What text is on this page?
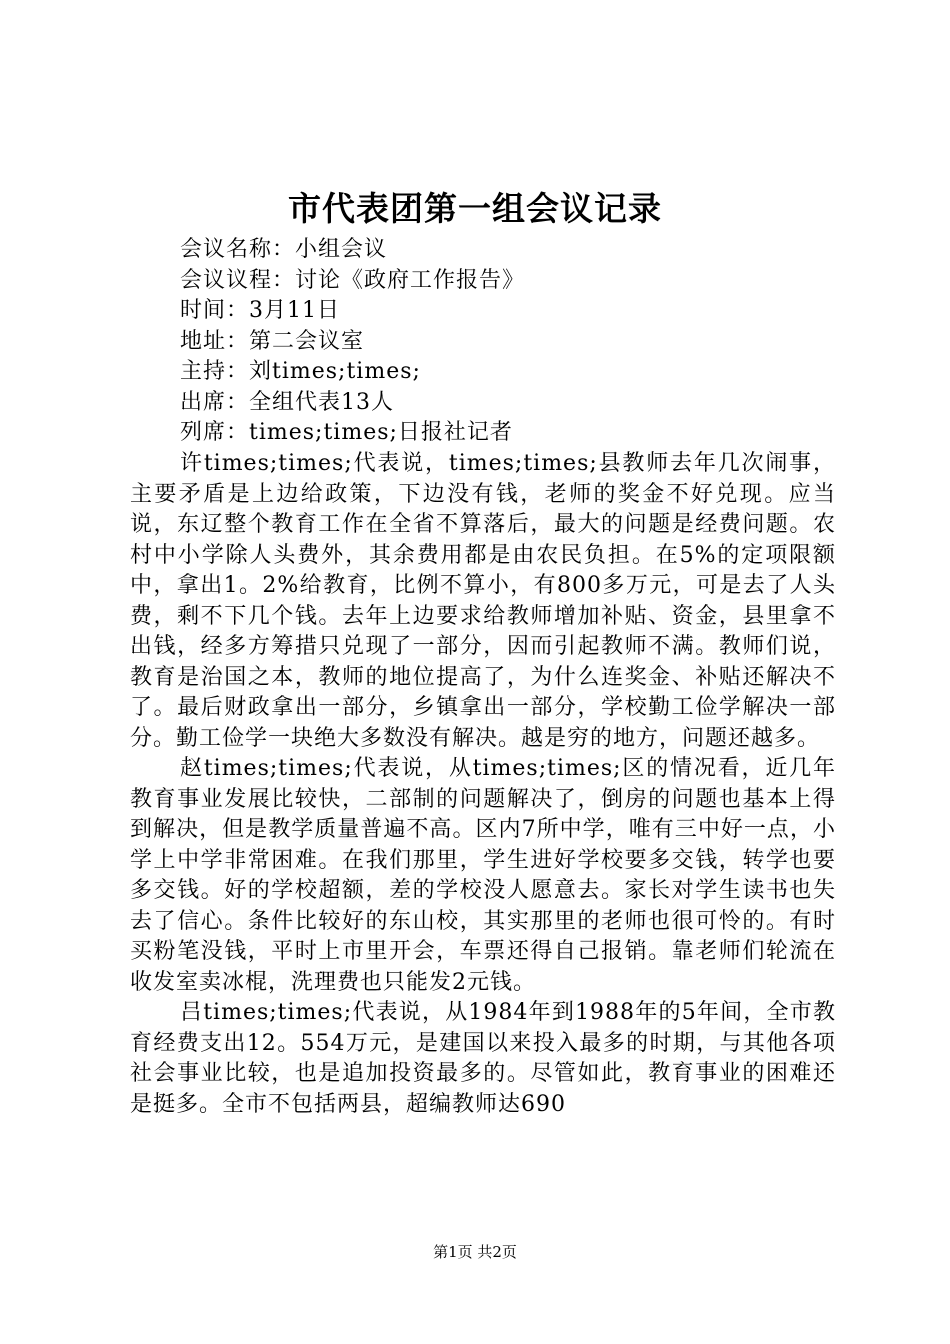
市代表团第一组会议记录
会议名称：小组会议
会议议程：讨论《政府工作报告》
时间：3月11日
地址：第二会议室
主持：刘times;times;
出席：全组代表13人
列席：times;times;日报社记者

许times;times;代表说，times;times;县教师去年几次闹事，主要矛盾是上边给政策，下边没有钱，老师的奖金不好兑现。应当说，东辽整个教育工作在全省不算落后，最大的问题是经费问题。农村中小学除人头费外，其余费用都是由农民负担。在5%的定项限额中，拿出1。2%给教育，比例不算小，有800多万元，可是去了人头费，剩不下几个钱。去年上边要求给教师增加补贴、资金，县里拿不出钱，经多方筹措只兑现了一部分，因而引起教师不满。教师们说，教育是治国之本，教师的地位提高了，为什么连奖金、补贴还解决不了。最后财政拿出一部分，乡镇拿出一部分，学校勤工俭学解决一部分。勤工俭学一块绝大多数没有解决。越是穷的地方，问题还越多。

赵times;times;代表说，从times;times;区的情况看，近几年教育事业发展比较快，二部制的问题解决了，倒房的问题也基本上得到解决，但是教学质量普遍不高。区内7所中学，唯有三中好一点，小学上中学非常困难。在我们那里，学生进好学校要多交钱，转学也要多交钱。好的学校超额，差的学校没人愿意去。家长对学生读书也失去了信心。条件比较好的东山校，其实那里的老师也很可怜的。有时买粉笔没钱，平时上市里开会，车票还得自己报销。靠老师们轮流在收发室卖冰棍，洗理费也只能发2元钱。

吕times;times;代表说，从1984年到1988年的5年间，全市教育经费支出12。554万元，是建国以来投入最多的时期，与其他各项社会事业比较，也是追加投资最多的。尽管如此，教育事业的困难还是挺多。全市不包括两县，超编教师达690

第1页 共2页
